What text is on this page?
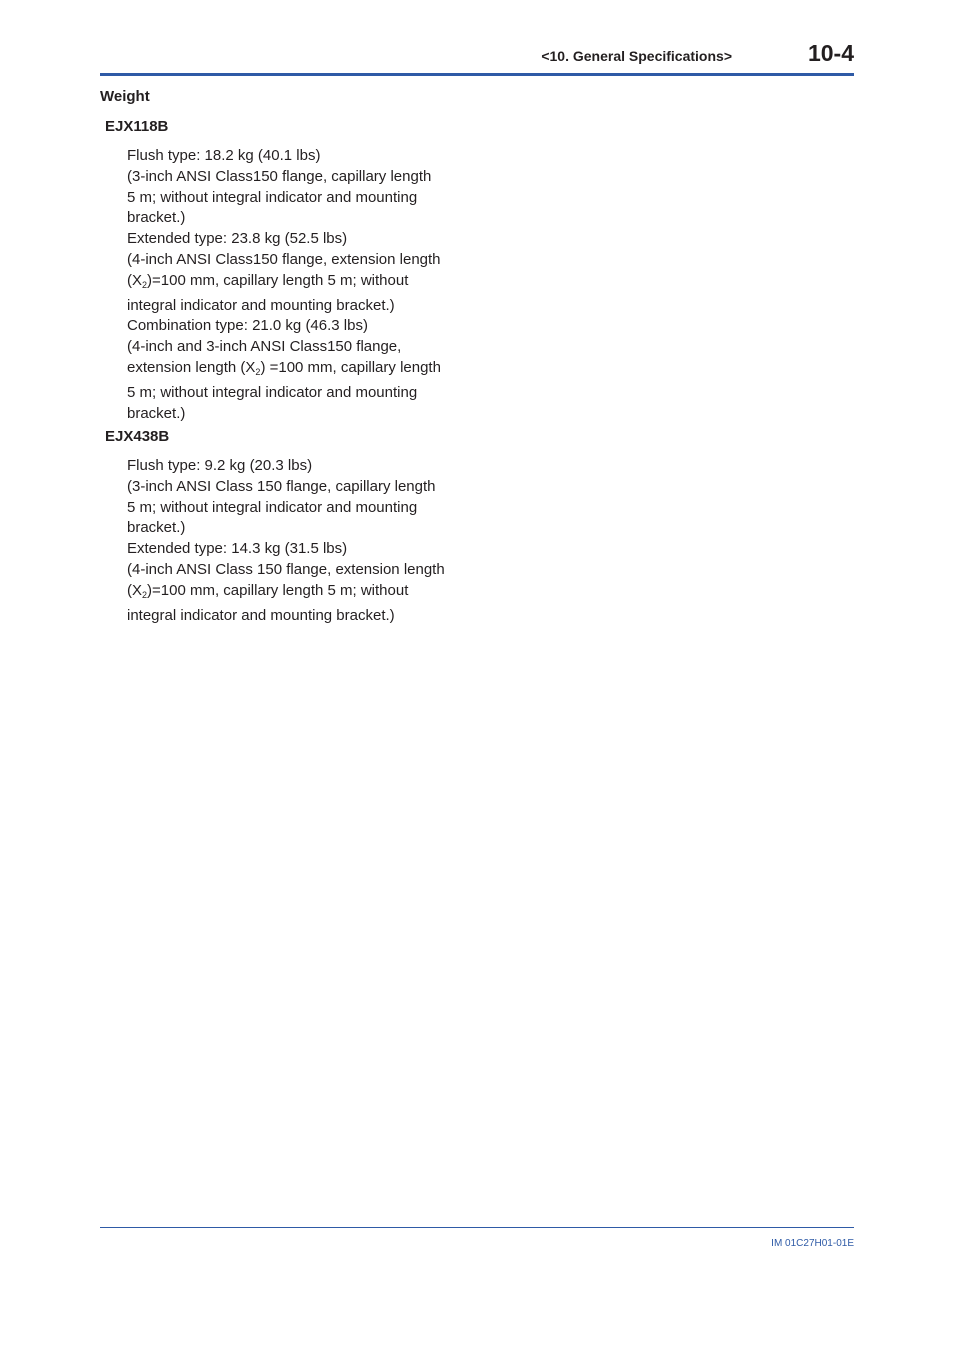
<10. General Specifications>	10-4
Weight
EJX118B
Flush type: 18.2 kg (40.1 lbs)
(3-inch ANSI Class150 flange, capillary length
5 m; without integral indicator and mounting
bracket.)
Extended type: 23.8 kg (52.5 lbs)
(4-inch ANSI Class150 flange, extension length
$(X_2)=100$ mm, capillary length 5 m; without
integral indicator and mounting bracket.)
Combination type: 21.0 kg (46.3 lbs)
(4-inch and 3-inch ANSI Class150 flange,
extension length $(X_2) =100$ mm, capillary length
5 m; without integral indicator and mounting
bracket.)
EJX438B
Flush type: 9.2 kg (20.3 lbs)
(3-inch ANSI Class 150 flange, capillary length
5 m; without integral indicator and mounting
bracket.)
Extended type: 14.3 kg (31.5 lbs)
(4-inch ANSI Class 150 flange, extension length
$(X_2)=100$ mm, capillary length 5 m; without
integral indicator and mounting bracket.)
IM 01C27H01-01E
